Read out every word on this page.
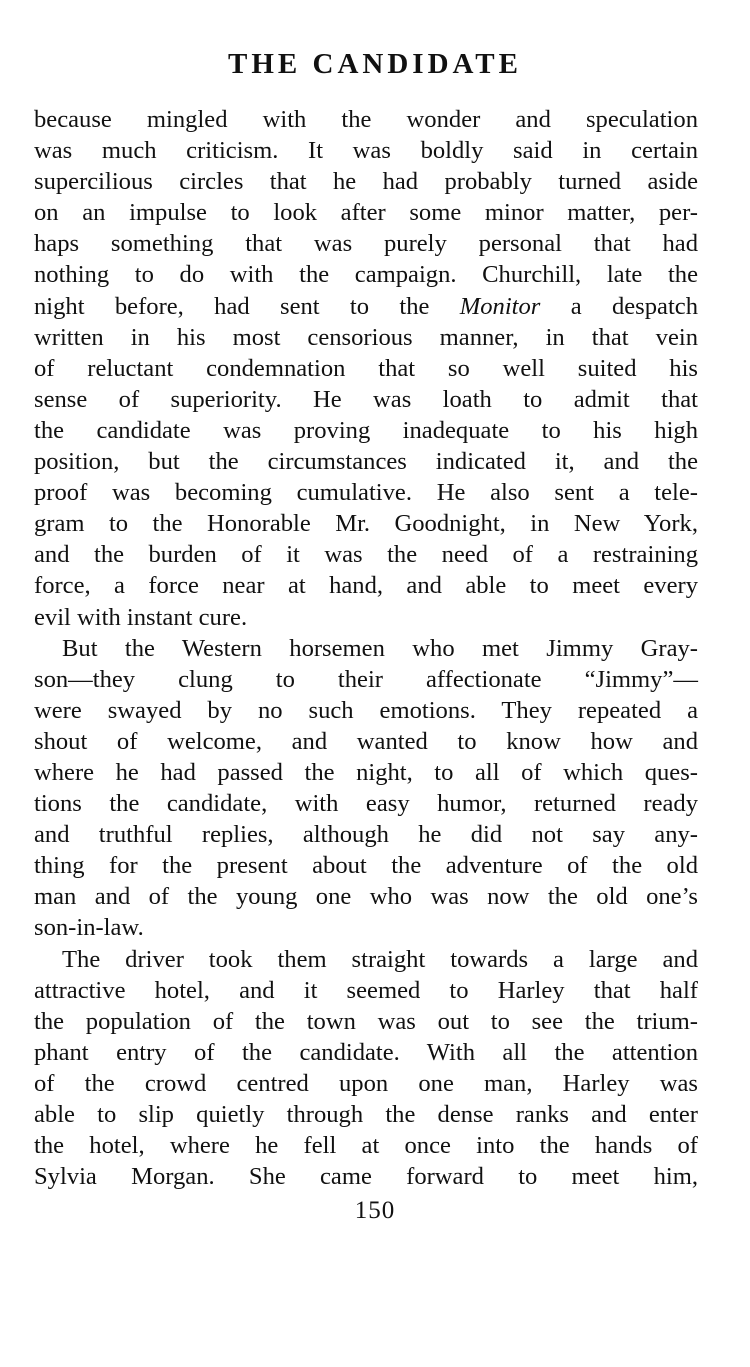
THE CANDIDATE
because mingled with the wonder and speculation
was much criticism. It was boldly said in certain
supercilious circles that he had probably turned aside
on an impulse to look after some minor matter, per-
haps something that was purely personal that had
nothing to do with the campaign. Churchill, late the
night before, had sent to the Monitor a despatch
written in his most censorious manner, in that vein
of reluctant condemnation that so well suited his
sense of superiority. He was loath to admit that
the candidate was proving inadequate to his high
position, but the circumstances indicated it, and the
proof was becoming cumulative. He also sent a tele-
gram to the Honorable Mr. Goodnight, in New York,
and the burden of it was the need of a restraining
force, a force near at hand, and able to meet every
evil with instant cure.
But the Western horsemen who met Jimmy Gray-
son—they clung to their affectionate “Jimmy”—
were swayed by no such emotions. They repeated a
shout of welcome, and wanted to know how and
where he had passed the night, to all of which ques-
tions the candidate, with easy humor, returned ready
and truthful replies, although he did not say any-
thing for the present about the adventure of the old
man and of the young one who was now the old one’s
son-in-law.
The driver took them straight towards a large and
attractive hotel, and it seemed to Harley that half
the population of the town was out to see the trium-
phant entry of the candidate. With all the attention
of the crowd centred upon one man, Harley was
able to slip quietly through the dense ranks and enter
the hotel, where he fell at once into the hands of
Sylvia Morgan. She came forward to meet him,
150
